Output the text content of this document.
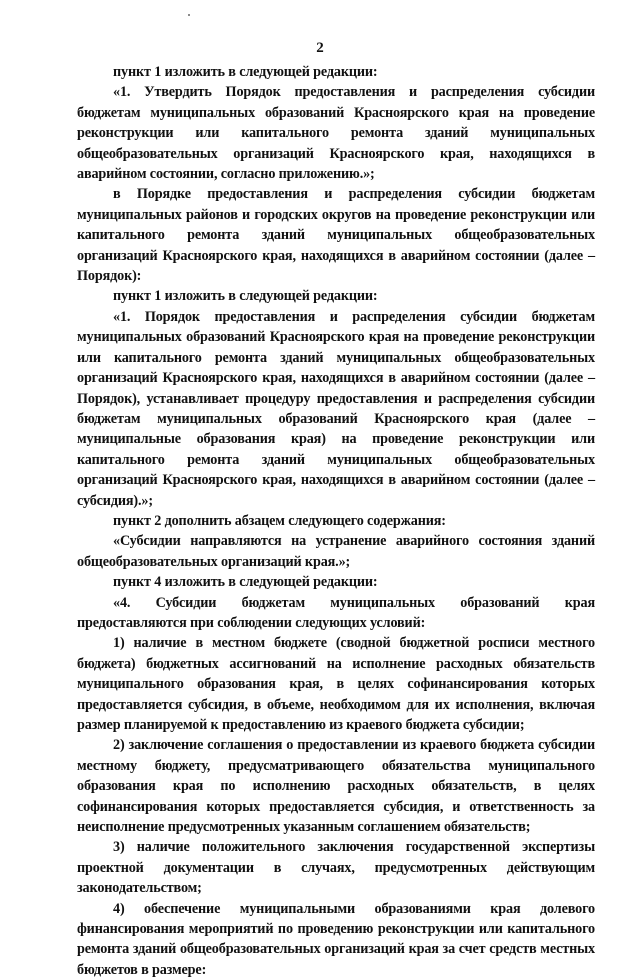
2

пункт 1 изложить в следующей редакции:

«1. Утвердить Порядок предоставления и распределения субсидии бюджетам муниципальных образований Красноярского края на проведение реконструкции или капитального ремонта зданий муниципальных общеобразовательных организаций Красноярского края, находящихся в аварийном состоянии, согласно приложению.»;

в Порядке предоставления и распределения субсидии бюджетам муниципальных районов и городских округов на проведение реконструкции или капитального ремонта зданий муниципальных общеобразовательных организаций Красноярского края, находящихся в аварийном состоянии (далее – Порядок):

пункт 1 изложить в следующей редакции:

«1. Порядок предоставления и распределения субсидии бюджетам муниципальных образований Красноярского края на проведение реконструкции или капитального ремонта зданий муниципальных общеобразовательных организаций Красноярского края, находящихся в аварийном состоянии (далее – Порядок), устанавливает процедуру предоставления и распределения субсидии бюджетам муниципальных образований Красноярского края (далее – муниципальные образования края) на проведение реконструкции или капитального ремонта зданий муниципальных общеобразовательных организаций Красноярского края, находящихся в аварийном состоянии (далее – субсидия).»;

пункт 2 дополнить абзацем следующего содержания:

«Субсидии направляются на устранение аварийного состояния зданий общеобразовательных организаций края.»;

пункт 4 изложить в следующей редакции:

«4. Субсидии бюджетам муниципальных образований края предоставляются при соблюдении следующих условий:

1) наличие в местном бюджете (сводной бюджетной росписи местного бюджета) бюджетных ассигнований на исполнение расходных обязательств муниципального образования края, в целях софинансирования которых предоставляется субсидия, в объеме, необходимом для их исполнения, включая размер планируемой к предоставлению из краевого бюджета субсидии;

2) заключение соглашения о предоставлении из краевого бюджета субсидии местному бюджету, предусматривающего обязательства муниципального образования края по исполнению расходных обязательств, в целях софинансирования которых предоставляется субсидия, и ответственность за неисполнение предусмотренных указанным соглашением обязательств;

3) наличие положительного заключения государственной экспертизы проектной документации в случаях, предусмотренных действующим законодательством;

4) обеспечение муниципальными образованиями края долевого финансирования мероприятий по проведению реконструкции или капитального ремонта зданий общеобразовательных организаций края за счет средств местных бюджетов в размере:
